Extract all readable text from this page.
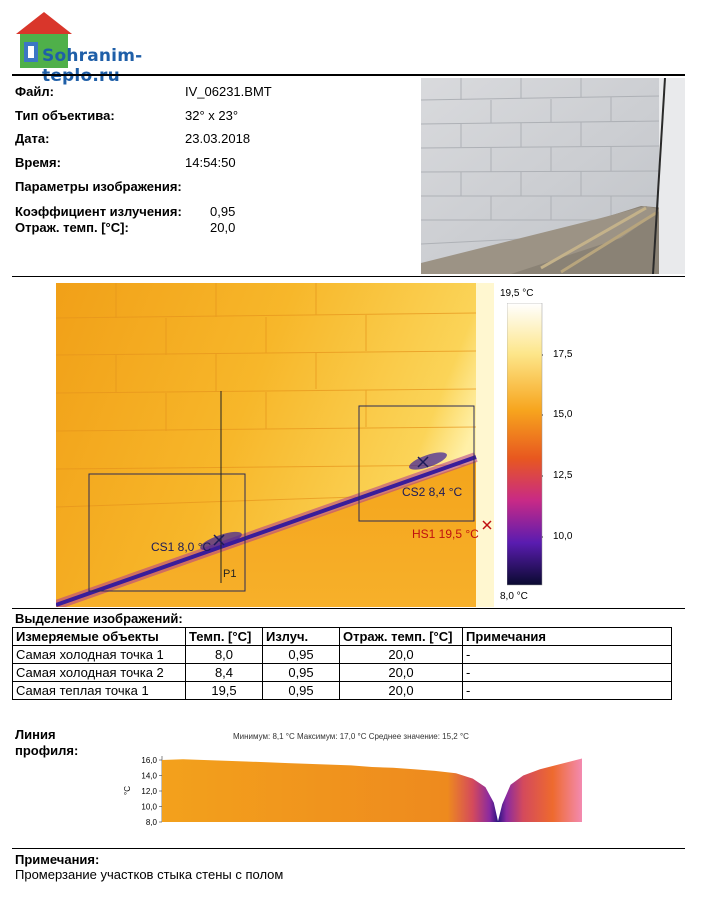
Sohranim-teplo.ru
Файл:	IV_06231.BMT
Тип объектива:	32° x 23°
Дата:	23.03.2018
Время:	14:54:50
Параметры изображения:
Коэффициент излучения: 0,95
Отраж. темп. [°C]:	20,0
CS1 8,0 °C
CS2 8,4 °C
HS1 19,5 °C
P1
19,5 °C
17,5
15,0
12,5
10,0
8,0 °C
Выделение изображений:
Измеряемые объекты	Темп. [°C]	Излуч.	Отраж. темп. [°C]	Примечания
Самая холодная точка 1	8,0	0,95	20,0	-
Самая холодная точка 2	8,4	0,95	20,0	-
Самая теплая точка 1	19,5	0,95	20,0	-
Линия
профиля:
Минимум: 8,1 °C Максимум: 17,0 °C Среднее значение: 15,2 °C
°C
16,0
14,0
12,0
10,0
8,0
Примечания:
Промерзание участков стыка стены с полом
